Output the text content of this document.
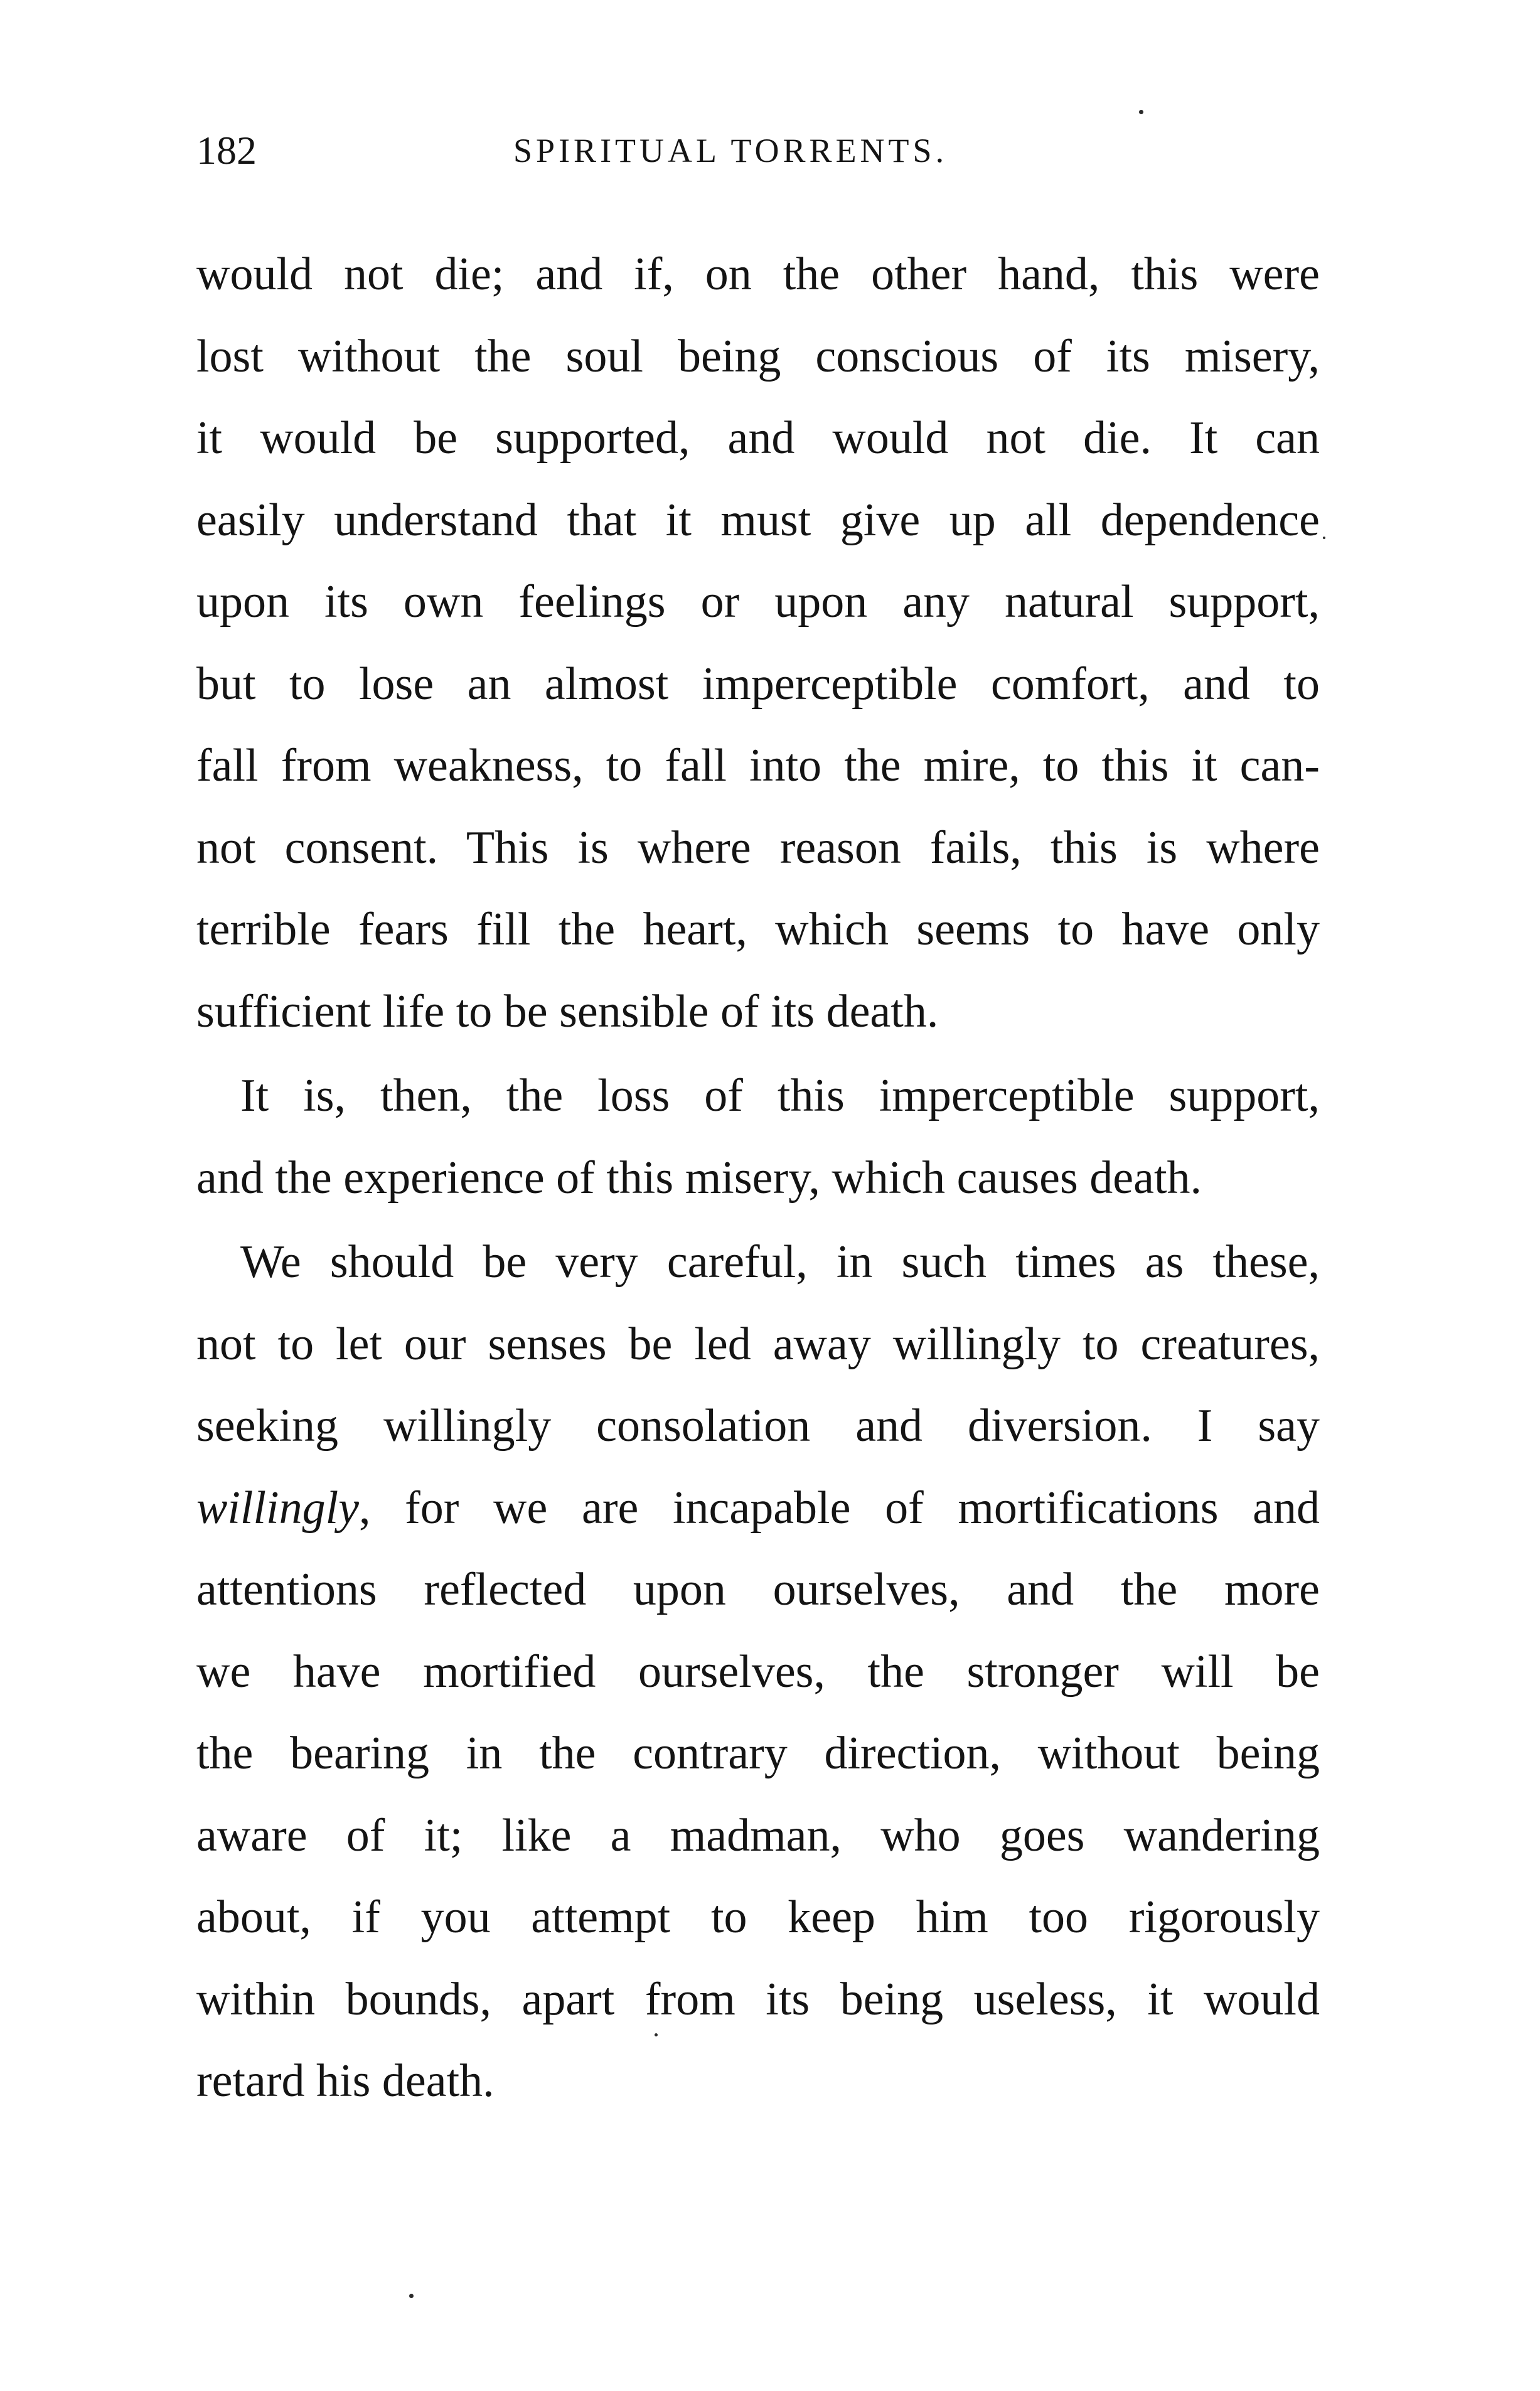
182	SPIRITUAL TORRENTS.
would not die; and if, on the other hand, this were
lost without the soul being conscious of its misery,
it would be supported, and would not die. It can
easily understand that it must give up all dependence
upon its own feelings or upon any natural support,
but to lose an almost imperceptible comfort, and to
fall from weakness, to fall into the mire, to this it can-
not consent. This is where reason fails, this is where
terrible fears fill the heart, which seems to have only
sufficient life to be sensible of its death.
It is, then, the loss of this imperceptible support,
and the experience of this misery, which causes death.
We should be very careful, in such times as these,
not to let our senses be led away willingly to creatures,
seeking willingly consolation and diversion. I say
willingly, for we are incapable of mortifications and
attentions reflected upon ourselves, and the more
we have mortified ourselves, the stronger will be
the bearing in the contrary direction, without being
aware of it; like a madman, who goes wandering
about, if you attempt to keep him too rigorously
within bounds, apart from its being useless, it would
retard his death.
